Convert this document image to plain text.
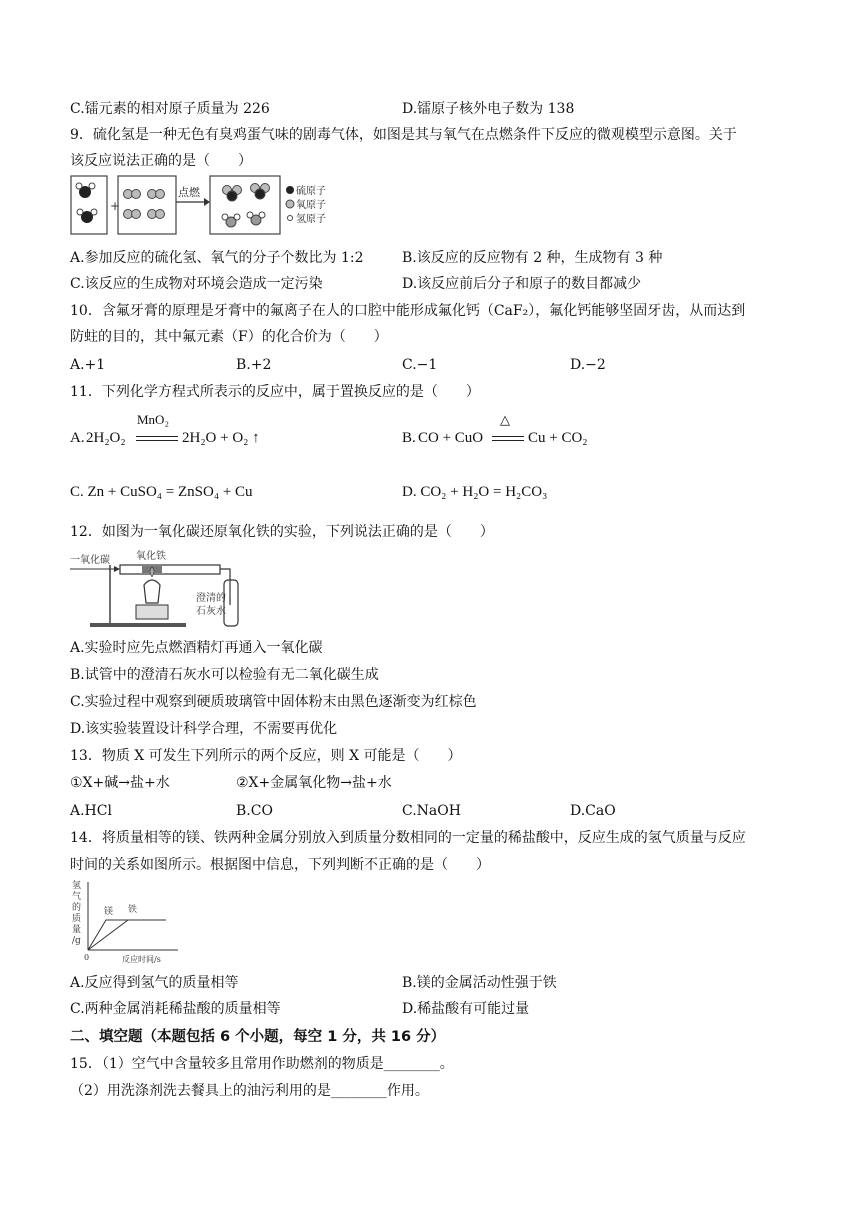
C.镭元素的相对原子质量为 226	D.镭原子核外电子数为 138
9．硫化氢是一种无色有臭鸡蛋气味的剧毒气体，如图是其与氧气在点燃条件下反应的微观模型示意图。关于
该反应说法正确的是（　　）
+
点燃	硫原子
氧原子
氢原子
A.参加反应的硫化氢、氧气的分子个数比为 1:2	B.该反应的反应物有 2 种，生成物有 3 种
C.该反应的生成物对环境会造成一定污染	D.该反应前后分子和原子的数目都减少
10．含氟牙膏的原理是牙膏中的氟离子在人的口腔中能形成氟化钙（CaF₂），氟化钙能够坚固牙齿，从而达到
防蛀的目的，其中氟元素（F）的化合价为（　　）
A.+1	B.+2	C.−1	D.−2
11．下列化学方程式所表示的反应中，属于置换反应的是（　　）
A. 2H₂O₂
MnO₂
2H₂O + O₂ ↑	B. CO + CuO
△
Cu + CO₂
C. Zn + CuSO₄ = ZnSO₄ + Cu	D. CO₂ + H₂O = H₂CO₃
12．如图为一氧化碳还原氧化铁的实验，下列说法正确的是（　　）
一氧化碳	氧化铁
澄清的
石灰水
A.实验时应先点燃酒精灯再通入一氧化碳
B.试管中的澄清石灰水可以检验有无二氧化碳生成
C.实验过程中观察到硬质玻璃管中固体粉末由黑色逐渐变为红棕色
D.该实验装置设计科学合理，不需要再优化
13．物质 X 可发生下列所示的两个反应，则 X 可能是（　　）
①X+碱→盐+水	②X+金属氧化物→盐+水
A.HCl	B.CO	C.NaOH	D.CaO
14．将质量相等的镁、铁两种金属分别放入到质量分数相同的一定量的稀盐酸中，反应生成的氢气质量与反应
时间的关系如图所示。根据图中信息，下列判断不正确的是（　　）
氢
气
的
质
量
/g
0	反应时间/s
镁 铁
A.反应得到氢气的质量相等	B.镁的金属活动性强于铁
C.两种金属消耗稀盐酸的质量相等	D.稀盐酸有可能过量
二、填空题（本题包括 6 个小题，每空 1 分，共 16 分）
15．（1）空气中含量较多且常用作助燃剂的物质是________。
（2）用洗涤剂洗去餐具上的油污利用的是________作用。
